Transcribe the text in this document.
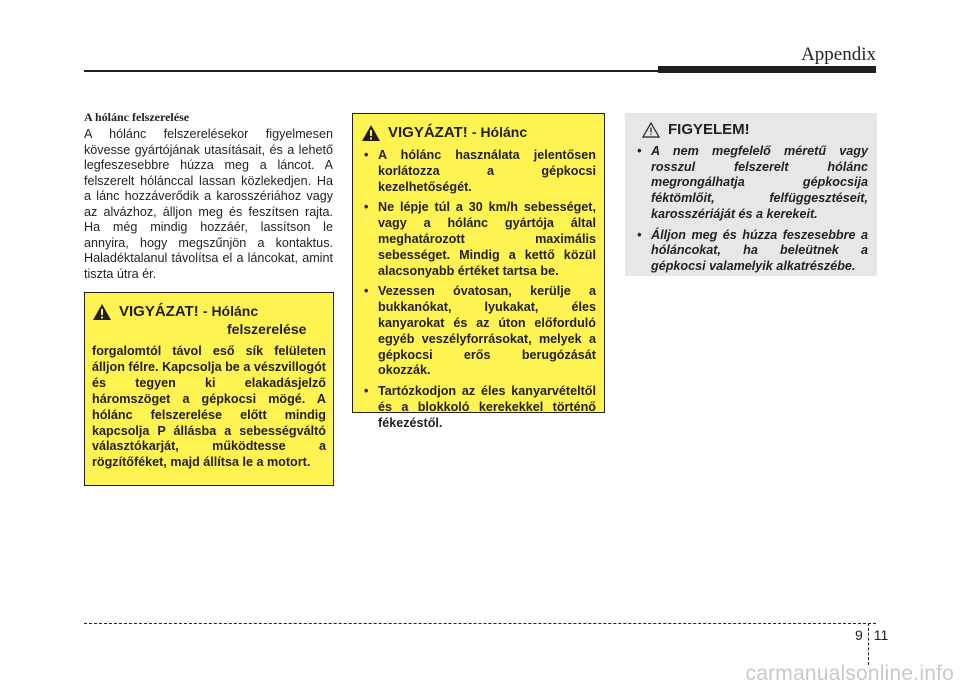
Appendix
A hólánc felszerelése

A hólánc felszerelésekor figyelmesen kövesse gyártójának utasításait, és a lehető legfeszesebbre húzza meg a láncot. A felszerelt hólánccal lassan közlekedjen. Ha a lánc hozzáverődik a karosszériához vagy az alvázhoz, álljon meg és feszítsen rajta. Ha még mindig hozzáér, lassítson le annyira, hogy megszűnjön a kontaktus. Haladéktalanul távolítsa el a láncokat, amint tiszta útra ér.

VIGYÁZAT! - Hólánc
felszerelése

forgalomtól távol eső sík felületen álljon félre. Kapcsolja be a vészvillogót és tegyen ki elakadásjelző háromszöget a gépkocsi mögé. A hólánc felszerelése előtt mindig kapcsolja P állásba a sebességváltó választókarját, működtesse a rögzítőféket, majd állítsa le a motort.

VIGYÁZAT! - Hólánc
• A hólánc használata jelentősen korlátozza a gépkocsi kezelhetőségét.
• Ne lépje túl a 30 km/h sebességet, vagy a hólánc gyártója által meghatározott maximális sebességet. Mindig a kettő közül alacsonyabb értéket tartsa be.
• Vezessen óvatosan, kerülje a bukkanókat, lyukakat, éles kanyarokat és az úton előforduló egyéb veszélyforrásokat, melyek a gépkocsi erős berugózását okozzák.
• Tartózkodjon az éles kanyarvételtől és a blokkoló kerekekkel történő fékezéstől.
FIGYELEM!
• A nem megfelelő méretű vagy rosszul felszerelt hólánc megrongálhatja gépkocsija féktömlőit, felfüggesztéseit, karosszériáját és a kerekeit.
• Álljon meg és húzza feszesebbre a hóláncokat, ha beleütnek a gépkocsi valamelyik alkatrészébe.
9 11
carmanualsonline.info
